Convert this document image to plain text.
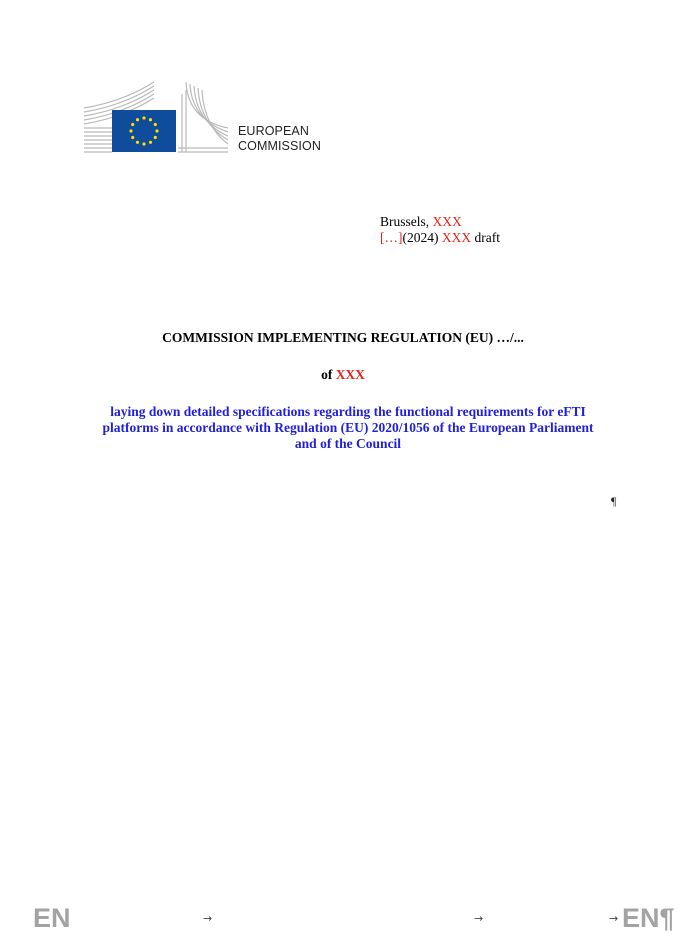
EUROPEAN
COMMISSION
Brussels, XXX
[…](2024) XXX draft
COMMISSION IMPLEMENTING REGULATION (EU) …/...
of XXX
laying down detailed specifications regarding the functional requirements for eFTI
platforms in accordance with Regulation (EU) 2020/1056 of the European Parliament
and of the Council
¶
EN	→	→	→ EN¶
